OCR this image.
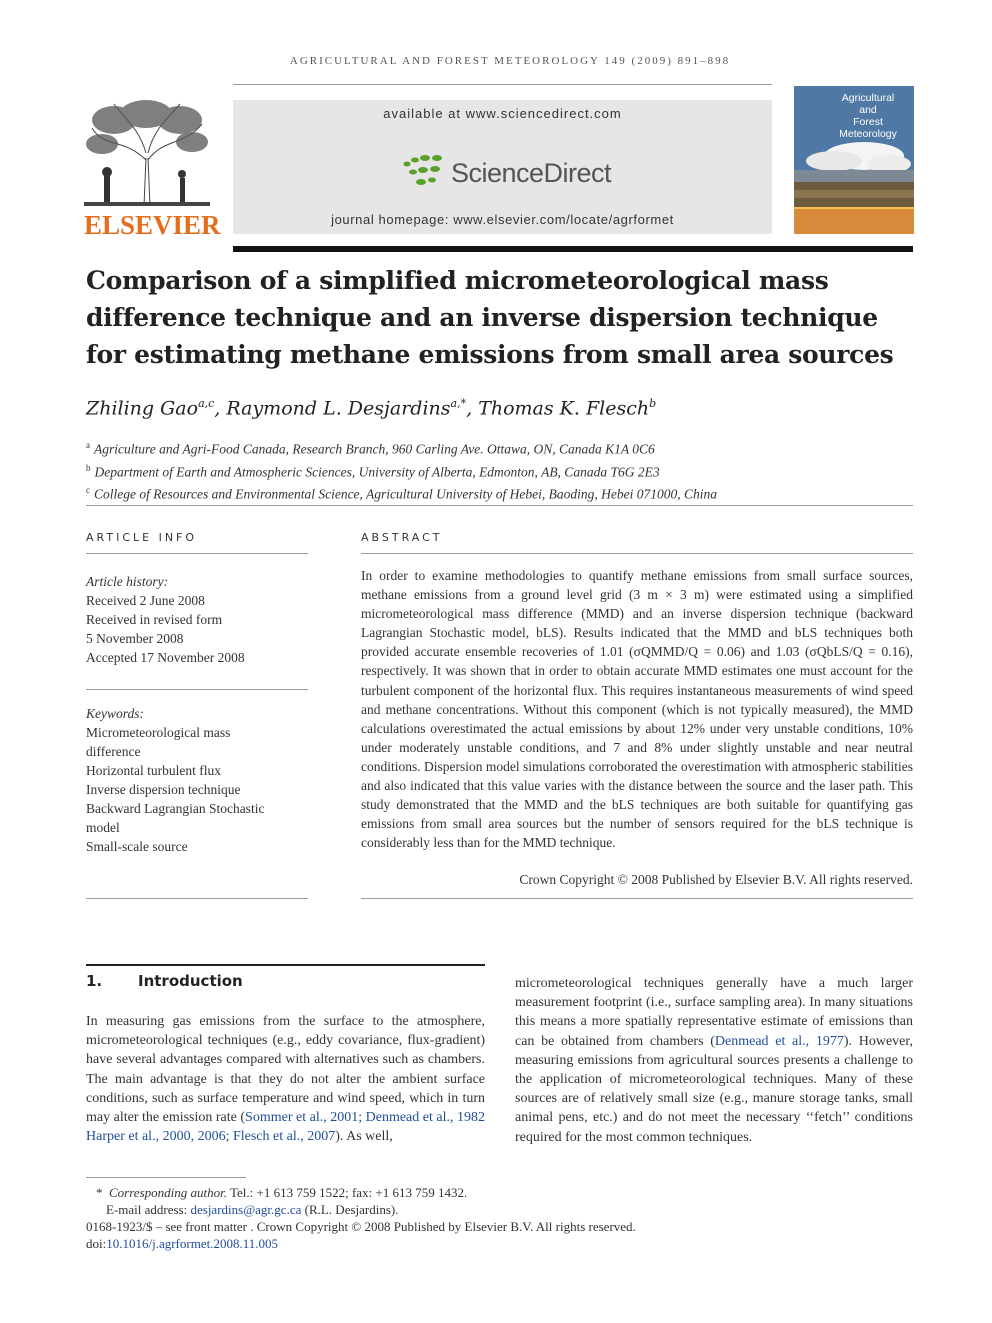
AGRICULTURAL AND FOREST METEOROLOGY 149 (2009) 891–898
ELSEVIER
available at www.sciencedirect.com
ScienceDirect
journal homepage: www.elsevier.com/locate/agrformet
Agricultural
and
Forest Meteorology
Comparison of a simplified micrometeorological mass difference technique and an inverse dispersion technique for estimating methane emissions from small area sources
Zhiling Gao$^{a,c}$, Raymond L. Desjardins$^{a,*}$, Thomas K. Flesch$^b$
$^a$ Agriculture and Agri-Food Canada, Research Branch, 960 Carling Ave. Ottawa, ON, Canada K1A 0C6
$^b$ Department of Earth and Atmospheric Sciences, University of Alberta, Edmonton, AB, Canada T6G 2E3
$^c$ College of Resources and Environmental Science, Agricultural University of Hebei, Baoding, Hebei 071000, China
ARTICLE INFO
Article history:
Received 2 June 2008
Received in revised form
5 November 2008
Accepted 17 November 2008
Keywords:
Micrometeorological mass
difference
Horizontal turbulent flux
Inverse dispersion technique
Backward Lagrangian Stochastic
model
Small-scale source
ABSTRACT
In order to examine methodologies to quantify methane emissions from small surface sources, methane emissions from a ground level grid (3 m × 3 m) were estimated using a simplified micrometeorological mass difference (MMD) and an inverse dispersion technique (backward Lagrangian Stochastic model, bLS). Results indicated that the MMD and bLS techniques both provided accurate ensemble recoveries of 1.01 (σQMMD/Q = 0.06) and 1.03 (σQbLS/Q = 0.16), respectively. It was shown that in order to obtain accurate MMD estimates one must account for the turbulent component of the horizontal flux. This requires instantaneous measurements of wind speed and methane concentrations. Without this component (which is not typically measured), the MMD calculations overestimated the actual emissions by about 12% under very unstable conditions, 10% under moderately unstable conditions, and 7 and 8% under slightly unstable and near neutral conditions. Dispersion model simulations corroborated the overestimation with atmospheric stabilities and also indicated that this value varies with the distance between the source and the laser path. This study demonstrated that the MMD and the bLS techniques are both suitable for quantifying gas emissions from small area sources but the number of sensors required for the bLS technique is considerably less than for the MMD technique.
Crown Copyright © 2008 Published by Elsevier B.V. All rights reserved.
1. Introduction
In measuring gas emissions from the surface to the atmosphere, micrometeorological techniques (e.g., eddy covariance, flux-gradient) have several advantages compared with alternatives such as chambers. The main advantage is that they do not alter the ambient surface conditions, such as surface temperature and wind speed, which in turn may alter the emission rate (Sommer et al., 2001; Denmead et al., 1982 Harper et al., 2000, 2006; Flesch et al., 2007). As well,
micrometeorological techniques generally have a much larger measurement footprint (i.e., surface sampling area). In many situations this means a more spatially representative estimate of emissions than can be obtained from chambers (Denmead et al., 1977). However, measuring emissions from agricultural sources presents a challenge to the application of micrometeorological techniques. Many of these sources are of relatively small size (e.g., manure storage tanks, small animal pens, etc.) and do not meet the necessary ‘‘fetch’’ conditions required for the most common techniques.
* Corresponding author. Tel.: +1 613 759 1522; fax: +1 613 759 1432.
E-mail address: desjardins@agr.gc.ca (R.L. Desjardins).
0168-1923/$ – see front matter . Crown Copyright © 2008 Published by Elsevier B.V. All rights reserved.
doi:10.1016/j.agrformet.2008.11.005
